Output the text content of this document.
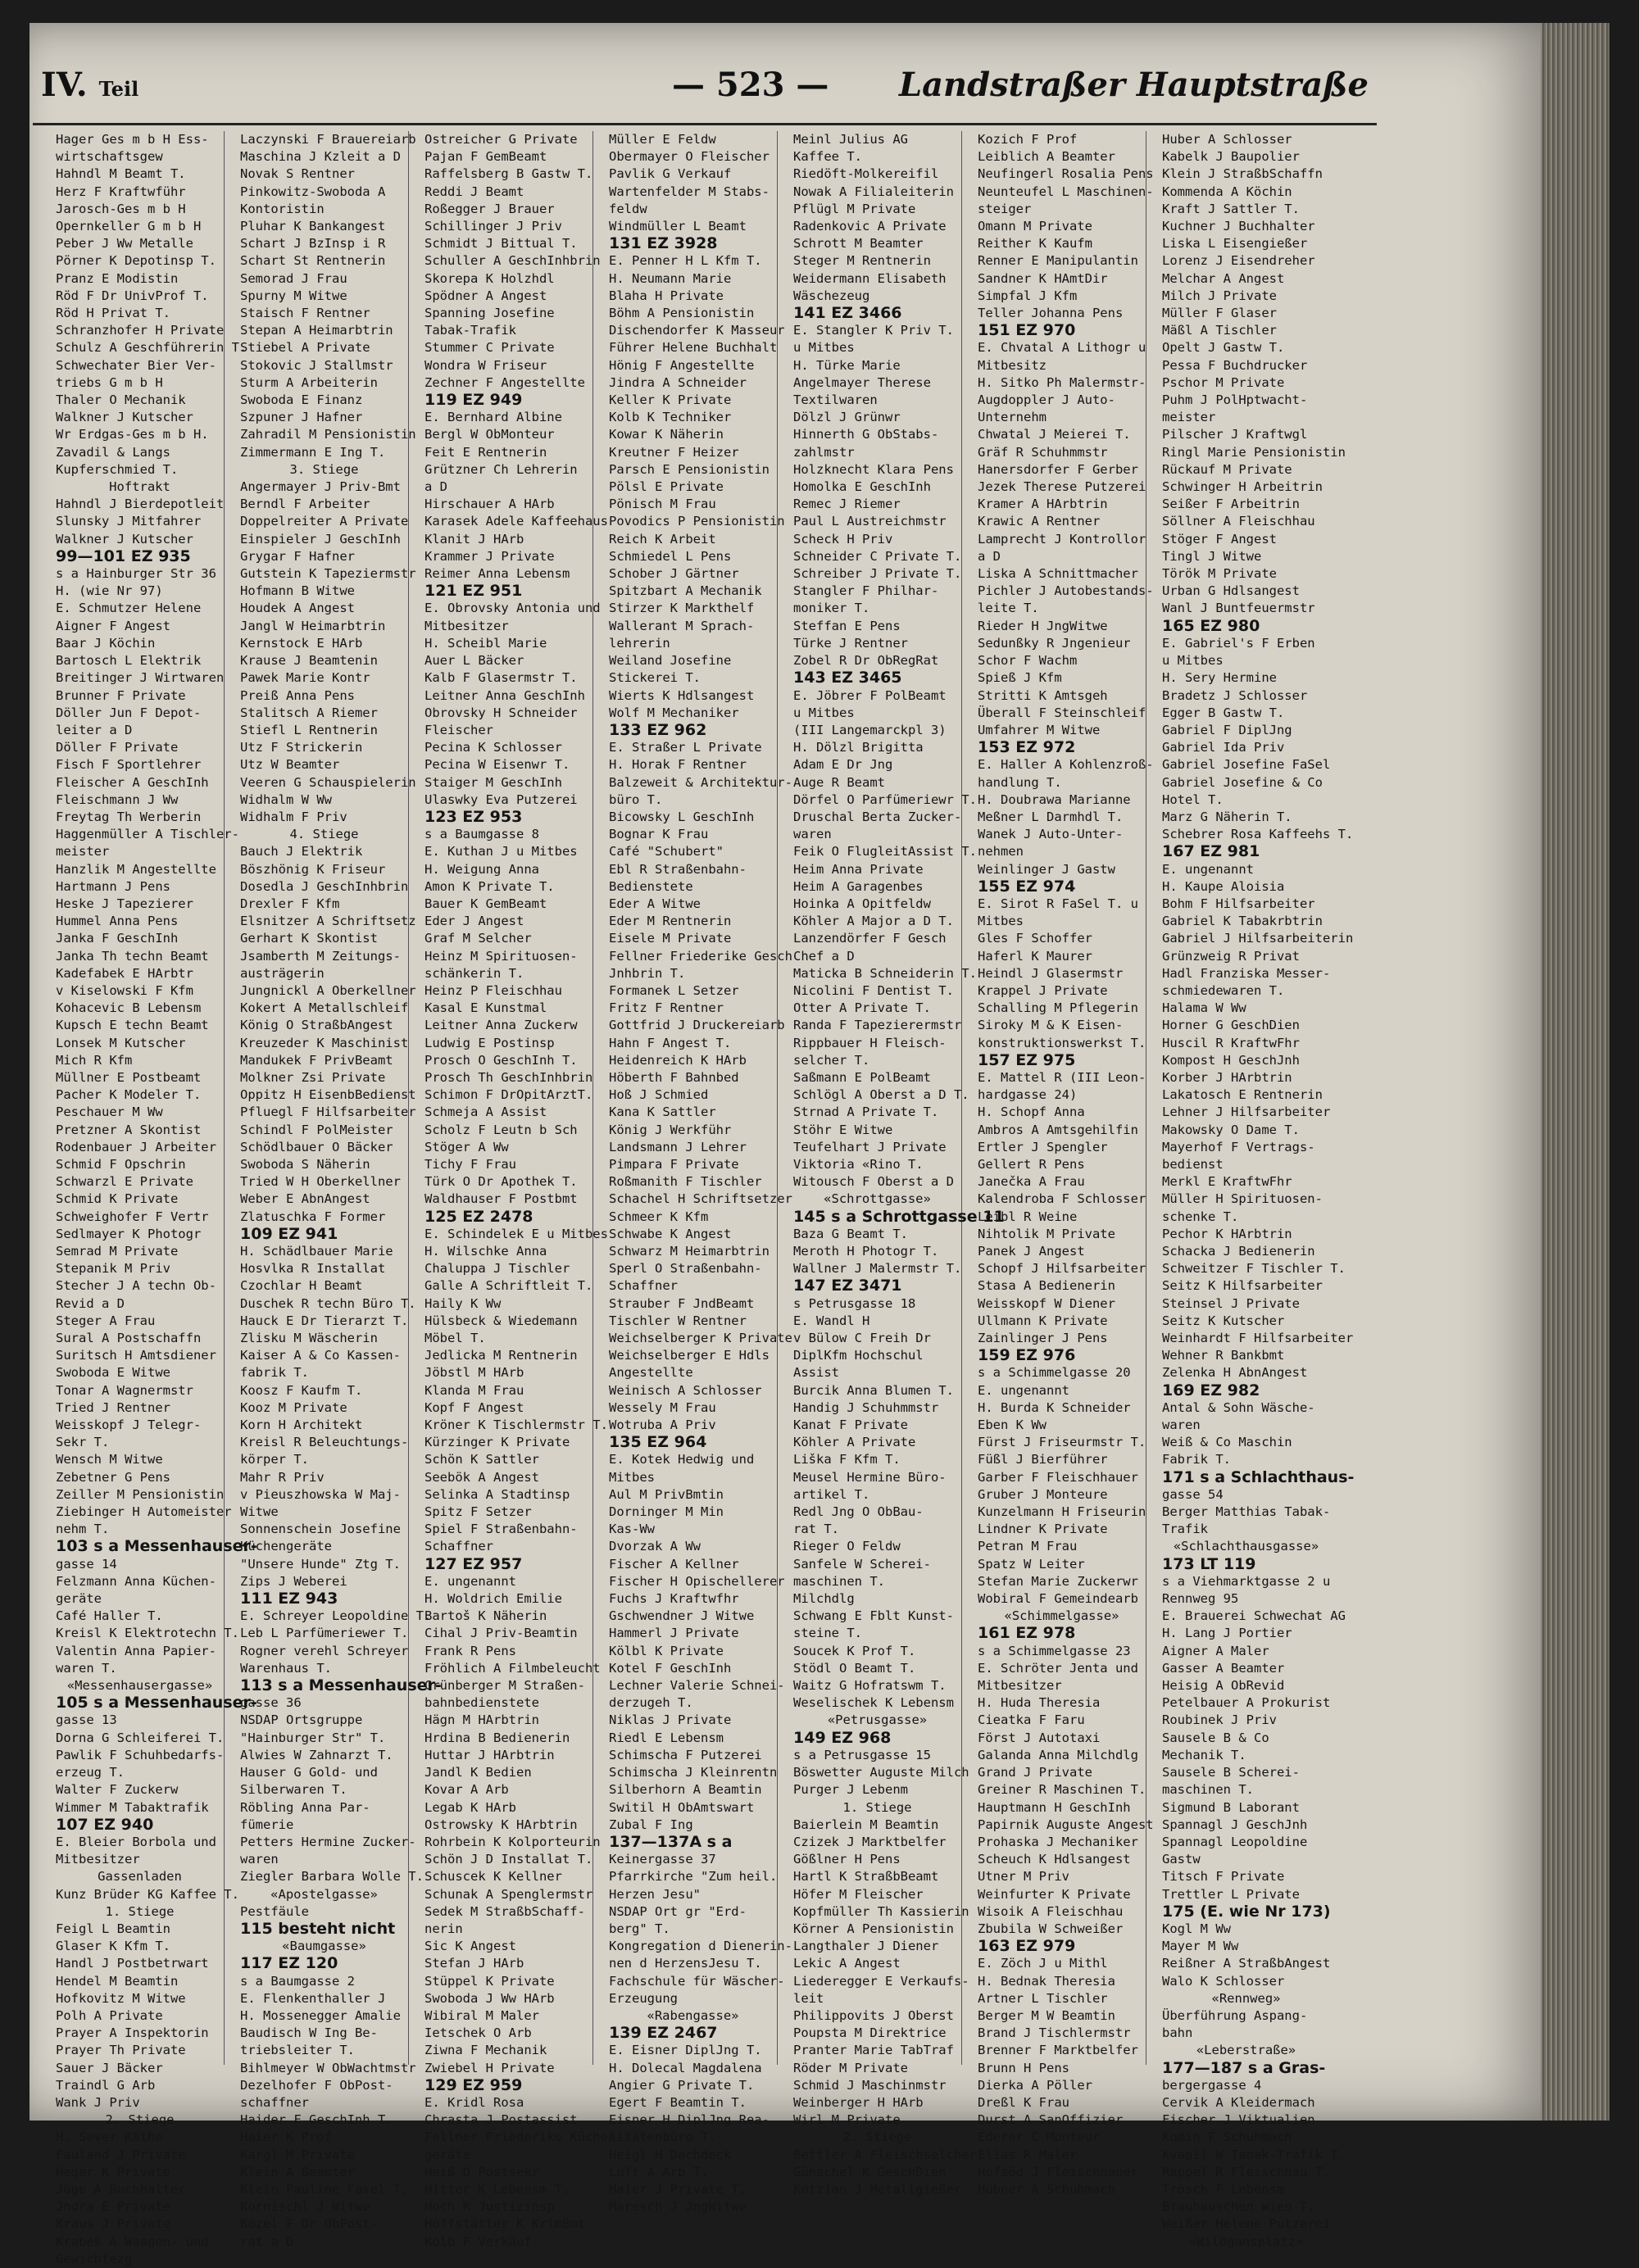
IV. Teil	— 523 — Landstraßer Hauptstraße
Hager Ges m b H Ess-
wirtschaftsgew
Hahndl M Beamt T.
Herz F Kraftwführ
Jarosch-Ges m b H
Opernkeller G m b H
Peber J Ww Metalle
Pörner K Depotinsp T.
Pranz E Modistin
Röd F Dr UnivProf T.
Röd H Privat T.
Schranzhofer H Private
Schulz A Geschführerin T.
Schwechater Bier Ver-
triebs G m b H
Thaler O Mechanik
Walkner J Kutscher
Wr Erdgas-Ges m b H.
Zavadil & Langs
Kupferschmied T.
Hoftrakt
Hahndl J Bierdepotleit
Slunsky J Mitfahrer
Walkner J Kutscher
99—101 EZ 935
s a Hainburger Str 36
H. (wie Nr 97)
E. Schmutzer Helene
Aigner F Angest
Baar J Köchin
Bartosch L Elektrik
Breitinger J Wirtwaren
Brunner F Private
Döller Jun F Depot-
leiter a D
Döller F Private
Fisch F Sportlehrer
Fleischer A GeschInh
Fleischmann J Ww
Freytag Th Werberin
Haggenmüller A Tischler-
meister
Hanzlik M Angestellte
Hartmann J Pens
Heske J Tapezierer
Hummel Anna Pens
Janka F GeschInh
Janka Th techn Beamt
Kadefabek E HArbtr
v Kiselowski F Kfm
Kohacevic B Lebensm
Kupsch E techn Beamt
Lonsek M Kutscher
Mich R Kfm
Müllner E Postbeamt
Pacher K Modeler T.
Peschauer M Ww
Pretzner A Skontist
Rodenbauer J Arbeiter
Schmid F Opschrin
Schwarzl E Private
Schmid K Private
Schweighofer F Vertr
Sedlmayer K Photogr
Semrad M Private
Stepanik M Priv
Stecher J A techn Ob-
Revid a D
Steger A Frau
Sural A Postschaffn
Suritsch H Amtsdiener
Swoboda E Witwe
Tonar A Wagnermstr
Tried J Rentner
Weisskopf J Telegr-
Sekr T.
Wensch M Witwe
Zebetner G Pens
Zeiller M Pensionistin
Ziebinger H Automeister
nehm T.
103 s a Messenhauser-
gasse 14
Felzmann Anna Küchen-
geräte
Café Haller T.
Kreisl K Elektrotechn T.
Valentin Anna Papier-
waren T.
«Messenhausergasse»
105 s a Messenhauser-
gasse 13
Dorna G Schleiferei T.
Pawlik F Schuhbedarfs-
erzeug T.
Walter F Zuckerw
Wimmer M Tabaktrafik
107 EZ 940
E. Bleier Borbola und
Mitbesitzer
Gassenladen
Kunz Brüder KG Kaffee T.
1. Stiege
Feigl L Beamtin
Glaser K Kfm T.
Handl J Postbetrwart
Hendel M Beamtin
Hofkovitz M Witwe
Polh A Private
Prayer A Inspektorin
Prayer Th Private
Sauer J Bäcker
Traindl G Arb
Wank J Priv
2. Stiege
H. Sever Käthe
Fauland J Private
Heger K Private
Jüge A Buchhalter
Jndra E Private
Kraus J Private
Krabek A Waagen- und
Gewichtezg
Laczynski F Brauereiarb
Maschina J Kzleit a D
Novak S Rentner
Pinkowitz-Swoboda A
Kontoristin
Pluhar K Bankangest
Schart J BzInsp i R
Schart St Rentnerin
Semorad J Frau
Spurny M Witwe
Staisch F Rentner
Stepan A Heimarbtrin
Stiebel A Private
Stokovic J Stallmstr
Sturm A Arbeiterin
Swoboda E Finanz
Szpuner J Hafner
Zahradil M Pensionistin
Zimmermann E Ing T.
3. Stiege
Angermayer J Priv-Bmt
Berndl F Arbeiter
Doppelreiter A Private
Einspieler J GeschInh
Grygar F Hafner
Gutstein K Tapeziermstr
Hofmann B Witwe
Houdek A Angest
Jangl W Heimarbtrin
Kernstock E HArb
Krause J Beamtenin
Pawek Marie Kontr
Preiß Anna Pens
Stalitsch A Riemer
Stiefl L Rentnerin
Utz F Strickerin
Utz W Beamter
Veeren G Schauspielerin
Widhalm W Ww
Widhalm F Priv
4. Stiege
Bauch J Elektrik
Böszhönig K Friseur
Dosedla J GeschInhbrin
Drexler F Kfm
Elsnitzer A Schriftsetz
Gerhart K Skontist
Jsamberth M Zeitungs-
austrägerin
Jungnickl A Oberkellner
Kokert A Metallschleif
König O StraßbAngest
Kreuzeder K Maschinist
Mandukek F PrivBeamt
Molkner Zsi Private
Oppitz H EisenbBedienst
Pfluegl F Hilfsarbeiter
Schindl F PolMeister
Schödlbauer O Bäcker
Swoboda S Näherin
Tried W H Oberkellner
Weber E AbnAngest
Zlatuschka F Former
109 EZ 941
H. Schädlbauer Marie
Hosvlka R Installat
Czochlar H Beamt
Duschek R techn Büro T.
Hauck E Dr Tierarzt T.
Zlisku M Wäscherin
Kaiser A & Co Kassen-
fabrik T.
Koosz F Kaufm T.
Kooz M Private
Korn H Architekt
Kreisl R Beleuchtungs-
körper T.
Mahr R Priv
v Pieuszhowska W Maj-
Witwe
Sonnenschein Josefine
Küchengeräte
"Unsere Hunde" Ztg T.
Zips J Weberei
111 EZ 943
E. Schreyer Leopoldine T.
Leb L Parfümeriewer T.
Rogner verehl Schreyer
Warenhaus T.
113 s a Messenhauser-
gasse 36
NSDAP Ortsgruppe
"Hainburger Str" T.
Alwies W Zahnarzt T.
Hauser G Gold- und
Silberwaren T.
Röbling Anna Par-
fümerie
Petters Hermine Zucker-
waren
Ziegler Barbara Wolle T.
«Apostelgasse»
Pestfäule
115 besteht nicht
«Baumgasse»
117 EZ 120
s a Baumgasse 2
E. Flenkenthaller J
H. Mossenegger Amalie
Baudisch W Ing Be-
triebsleiter T.
Bihlmeyer W ObWachtmstr
Dezelhofer F ObPost-
schaffner
Haider F GeschInh T.
Haier K Prof
Kargl M Private
Klein A Beamter
Klein Pauline Fasel T.
Kornischl J Witwe
Kozel F Dr ObPost-
rat a D
Ostreicher G Private
Pajan F GemBeamt
Raffelsberg B Gastw T.
Reddi J Beamt
Roßegger J Brauer
Schillinger J Priv
Schmidt J Bittual T.
Schuller A GeschInhbrin
Skorepa K Holzhdl
Spödner A Angest
Spanning Josefine
Tabak-Trafik
Stummer C Private
Wondra W Friseur
Zechner F Angestellte
119 EZ 949
E. Bernhard Albine
Bergl W ObMonteur
Feit E Rentnerin
Grützner Ch Lehrerin
a D
Hirschauer A HArb
Karasek Adele Kaffeehaus
Klanit J HArb
Krammer J Private
Reimer Anna Lebensm
121 EZ 951
E. Obrovsky Antonia und
Mitbesitzer
H. Scheibl Marie
Auer L Bäcker
Kalb F Glasermstr T.
Leitner Anna GeschInh
Obrovsky H Schneider
Fleischer
Pecina K Schlosser
Pecina W Eisenwr T.
Staiger M GeschInh
Ulaswky Eva Putzerei
123 EZ 953
s a Baumgasse 8
E. Kuthan J u Mitbes
H. Weigung Anna
Amon K Private T.
Bauer K GemBeamt
Eder J Angest
Graf M Selcher
Heinz M Spirituosen-
schänkerin T.
Heinz P Fleischhau
Kasal E Kunstmal
Leitner Anna Zuckerw
Ludwig E Postinsp
Prosch O GeschInh T.
Prosch Th GeschInhbrin
Schimon F DrOpitArztT.
Schmeja A Assist
Scholz F Leutn b Sch
Stöger A Ww
Tichy F Frau
Türk O Dr Apothek T.
Waldhauser F Postbmt
125 EZ 2478
E. Schindelek E u Mitbes
H. Wilschke Anna
Chaluppa J Tischler
Galle A Schriftleit T.
Haily K Ww
Hülsbeck & Wiedemann
Möbel T.
Jedlicka M Rentnerin
Jöbstl M HArb
Klanda M Frau
Kopf F Angest
Kröner K Tischlermstr T.
Kürzinger K Private
Schön K Sattler
Seebök A Angest
Selinka A Stadtinsp
Spitz F Setzer
Spiel F Straßenbahn-
Schaffner
127 EZ 957
E. ungenannt
H. Woldrich Emilie
Bartoš K Näherin
Cihal J Priv-Beamtin
Frank R Pens
Fröhlich A Filmbeleucht
Grünberger M Straßen-
bahnbedienstete
Hägn M HArbtrin
Hrdina B Bedienerin
Huttar J HArbtrin
Jandl K Bedien
Kovar A Arb
Legab K HArb
Ostrowsky K HArbtrin
Rohrbein K Kolporteurin
Schön J D Installat T.
Schuscek K Kellner
Schunak A Spenglermstr
Sedek M StraßbSchaff-
nerin
Sic K Angest
Stefan J HArb
Stüppel K Private
Swoboda J Ww HArb
Wibiral M Maler
Ietschek O Arb
Ziwna F Mechanik
Zwiebel H Private
129 EZ 959
E. Kridl Rosa
Chrasta J Postassist
Fellner Friederike Küchen-
geräte
Heiß O Postsekr
Hitter K Lebensm T.
Hoch K Justizinsp
Hoffstätter K KrimBmt
Kolb F Verkäuf
Müller E Feldw
Obermayer O Fleischer
Pavlik G Verkauf
Wartenfelder M Stabs-
feldw
Windmüller L Beamt
131 EZ 3928
E. Penner H L Kfm T.
H. Neumann Marie
Blaha H Private
Böhm A Pensionistin
Dischendorfer K Masseur
Führer Helene Buchhalt
Hönig F Angestellte
Jindra A Schneider
Keller K Private
Kolb K Techniker
Kowar K Näherin
Kreutner F Heizer
Parsch E Pensionistin
Pölsl E Private
Pönisch M Frau
Povodics P Pensionistin
Reich K Arbeit
Schmiedel L Pens
Schober J Gärtner
Spitzbart A Mechanik
Stirzer K Markthelf
Wallerant M Sprach-
lehrerin
Weiland Josefine
Stickerei T.
Wierts K Hdlsangest
Wolf M Mechaniker
133 EZ 962
E. Straßer L Private
H. Horak F Rentner
Balzeweit & Architektur-
büro T.
Bicowsky L GeschInh
Bognar K Frau
Café "Schubert"
Ebl R Straßenbahn-
Bedienstete
Eder A Witwe
Eder M Rentnerin
Eisele M Private
Fellner Friederike Gesch
Jnhbrin T.
Formanek L Setzer
Fritz F Rentner
Gottfrid J Druckereiarb
Hahn F Angest T.
Heidenreich K HArb
Höberth F Bahnbed
Hoß J Schmied
Kana K Sattler
König J Werkführ
Landsmann J Lehrer
Pimpara F Private
Roßmanith F Tischler
Schachel H Schriftsetzer
Schmeer K Kfm
Schwabe K Angest
Schwarz M Heimarbtrin
Sperl O Straßenbahn-
Schaffner
Strauber F JndBeamt
Tischler W Rentner
Weichselberger K Private
Weichselberger E Hdls
Angestellte
Weinisch A Schlosser
Wessely M Frau
Wotruba A Priv
135 EZ 964
E. Kotek Hedwig und
Mitbes
Aul M PrivBmtin
Dorninger M Min
Kas-Ww
Dvorzak A Ww
Fischer A Kellner
Fischer H Opischellerer
Fuchs J Kraftwfhr
Gschwendner J Witwe
Hammerl J Private
Kölbl K Private
Kotel F GeschInh
Lechner Valerie Schnei-
derzugeh T.
Niklas J Private
Riedl E Lebensm
Schimscha F Putzerei
Schimscha J Kleinrentn
Silberhorn A Beamtin
Switil H ObAmtswart
Zubal F Ing
137—137A s a
Keinergasse 37
Pfarrkirche "Zum heil.
Herzen Jesu"
NSDAP Ort gr "Erd-
berg" T.
Kongregation d Dienerin-
nen d HerzensJesu T.
Fachschule für Wäscher-
Erzeugung
«Rabengasse»
139 EZ 2467
E. Eisner DiplJng T.
H. Dolecal Magdalena
Angier G Private T.
Egert F Beamtin T.
Eisner H DiplJng Rea-
litätenbüro T.
Heigl H Dachdeck
Luft A Arb T.
Maier J Private T.
Maresch J JngWitwe
Meinl Julius AG
Kaffee T.
Riedöft-Molkereifil
Nowak A Filialeiterin
Pflügl M Private
Radenkovic A Private
Schrott M Beamter
Steger M Rentnerin
Weidermann Elisabeth
Wäschezeug
141 EZ 3466
E. Stangler K Priv T.
u Mitbes
H. Türke Marie
Angelmayer Therese
Textilwaren
Dölzl J Grünwr
Hinnerth G ObStabs-
zahlmstr
Holzknecht Klara Pens
Homolka E GeschInh
Remec J Riemer
Paul L Austreichmstr
Scheck H Priv
Schneider C Private T.
Schreiber J Private T.
Stangler F Philhar-
moniker T.
Steffan E Pens
Türke J Rentner
Zobel R Dr ObRegRat
143 EZ 3465
E. Jöbrer F PolBeamt
u Mitbes
(III Langemarckpl 3)
H. Dölzl Brigitta
Adam E Dr Jng
Auge R Beamt
Dörfel O Parfümeriewr T.
Druschal Berta Zucker-
waren
Feik O FlugleitAssist T.
Heim Anna Private
Heim A Garagenbes
Hoinka A Opitfeldw
Köhler A Major a D T.
Lanzendörfer F Gesch
Chef a D
Maticka B Schneiderin T.
Nicolini F Dentist T.
Otter A Private T.
Randa F Tapezierermstr
Rippbauer H Fleisch-
selcher T.
Saßmann E PolBeamt
Schlögl A Oberst a D T.
Strnad A Private T.
Stöhr E Witwe
Teufelhart J Private
Viktoria «Rino T.
Witousch F Oberst a D
«Schrottgasse»
145 s a Schrottgasse 11
Baza G Beamt T.
Meroth H Photogr T.
Wallner J Malermstr T.
147 EZ 3471
s Petrusgasse 18
E. Wandl H
v Bülow C Freih Dr
DiplKfm Hochschul
Assist
Burcik Anna Blumen T.
Handig J Schuhmmstr
Kanat F Private
Köhler A Private
Liška F Kfm T.
Meusel Hermine Büro-
artikel T.
Redl Jng O ObBau-
rat T.
Rieger O Feldw
Sanfele W Scherei-
maschinen T.
Milchdlg
Schwang E Fblt Kunst-
steine T.
Soucek K Prof T.
Stödl O Beamt T.
Waitz G Hofratswm T.
Weselischek K Lebensm
«Petrusgasse»
149 EZ 968
s a Petrusgasse 15
Böswetter Auguste Milch
Purger J Lebenm
1. Stiege
Baierlein M Beamtin
Czizek J Marktbelfer
Gößlner H Pens
Hartl K StraßbBeamt
Höfer M Fleischer
Kopfmüller Th Kassierin
Körner A Pensionistin
Langthaler J Diener
Lekic A Angest
Liederegger E Verkaufs-
leit
Philippovits J Oberst
Poupsta M Direktrice
Pranter Marie TabTraf
Röder M Private
Schmid J Maschinmstr
Weinberger H HArb
Wirl M Private
2. Stiege
Bettler A Fleischselcher
Günschel K GeschDien
Kotzian J Metallgießer
Kozich F Prof
Leiblich A Beamter
Neufingerl Rosalia Pens
Neunteufel L Maschinen-
steiger
Omann M Private
Reither K Kaufm
Renner E Manipulantin
Sandner K HAmtDir
Simpfal J Kfm
Teller Johanna Pens
151 EZ 970
E. Chvatal A Lithogr u
Mitbesitz
H. Sitko Ph Malermstr-
Augdoppler J Auto-
Unternehm
Chwatal J Meierei T.
Gräf R Schuhmmstr
Hanersdorfer F Gerber
Jezek Therese Putzerei
Kramer A HArbtrin
Krawic A Rentner
Lamprecht J Kontrollor
a D
Liska A Schnittmacher
Pichler J Autobestands-
leite T.
Rieder H JngWitwe
Sedunßky R Jngenieur
Schor F Wachm
Spieß J Kfm
Stritti K Amtsgeh
Überall F Steinschleif
Umfahrer M Witwe
153 EZ 972
E. Haller A Kohlenzroß-
handlung T.
H. Doubrawa Marianne
Meßner L Darmhdl T.
Wanek J Auto-Unter-
nehmen
Weinlinger J Gastw
155 EZ 974
E. Sirot R FaSel T. u
Mitbes
Gles F Schoffer
Haferl K Maurer
Heindl J Glasermstr
Krappel J Private
Schalling M Pflegerin
Siroky M & K Eisen-
konstruktionswerkst T.
157 EZ 975
E. Mattel R (III Leon-
hardgasse 24)
H. Schopf Anna
Ambros A Amtsgehilfin
Ertler J Spengler
Gellert R Pens
Janečka A Frau
Kalendroba F Schlosser
Leibl R Weine
Nihtolik M Private
Panek J Angest
Schopf J Hilfsarbeiter
Stasa A Bedienerin
Weisskopf W Diener
Ullmann K Private
Zainlinger J Pens
159 EZ 976
s a Schimmelgasse 20
E. ungenannt
H. Burda K Schneider
Eben K Ww
Fürst J Friseurmstr T.
Füßl J Bierführer
Garber F Fleischhauer
Gruber J Monteure
Kunzelmann H Friseurin
Lindner K Private
Petran M Frau
Spatz W Leiter
Stefan Marie Zuckerwr
Wobiral F Gemeindearb
«Schimmelgasse»
161 EZ 978
s a Schimmelgasse 23
E. Schröter Jenta und
Mitbesitzer
H. Huda Theresia
Cieatka F Faru
Först J Autotaxi
Galanda Anna Milchdlg
Grand J Private
Greiner R Maschinen T.
Hauptmann H GeschInh
Papirnik Auguste Angest
Prohaska J Mechaniker
Scheuch K Hdlsangest
Utner M Priv
Weinfurter K Private
Wisoik A Fleischhau
Zbubila W Schweißer
163 EZ 979
E. Zöch J u Mithl
H. Bednak Theresia
Artner L Tischler
Berger M W Beamtin
Brand J Tischlermstr
Brenner F Marktbelfer
Brunn H Pens
Dierka A Pöller
Dreßl K Frau
Durst A SanOffizier
Ederer C Monteur
Elias R Maler
Hofsöd J Fleischhauer
Hübner A Schuhmach
Huber A Schlosser
Kabelk J Baupolier
Klein J StraßbSchaffn
Kommenda A Köchin
Kraft J Sattler T.
Kuchner J Buchhalter
Liska L Eisengießer
Lorenz J Eisendreher
Melchar A Angest
Milch J Private
Müller F Glaser
Mäßl A Tischler
Opelt J Gastw T.
Pessa F Buchdrucker
Pschor M Private
Puhm J PolHptwacht-
meister
Pilscher J Kraftwgl
Ringl Marie Pensionistin
Rückauf M Private
Schwinger H Arbeitrin
Seißer F Arbeitrin
Söllner A Fleischhau
Stöger F Angest
Tingl J Witwe
Török M Private
Urban G Hdlsangest
Wanl J Buntfeuermstr
165 EZ 980
E. Gabriel's F Erben
u Mitbes
H. Sery Hermine
Bradetz J Schlosser
Egger B Gastw T.
Gabriel F DiplJng
Gabriel Ida Priv
Gabriel Josefine FaSel
Gabriel Josefine & Co
Hotel T.
Marz G Näherin T.
Schebrer Rosa Kaffeehs T.
167 EZ 981
E. ungenannt
H. Kaupe Aloisia
Bohm F Hilfsarbeiter
Gabriel K Tabakrbtrin
Gabriel J Hilfsarbeiterin
Grünzweig R Privat
Hadl Franziska Messer-
schmiedewaren T.
Halama W Ww
Horner G GeschDien
Huscil R KraftwFhr
Kompost H GeschJnh
Korber J HArbtrin
Lakatosch E Rentnerin
Lehner J Hilfsarbeiter
Makowsky O Dame T.
Mayerhof F Vertrags-
bedienst
Merkl E KraftwFhr
Müller H Spirituosen-
schenke T.
Pechor K HArbtrin
Schacka J Bedienerin
Schweitzer F Tischler T.
Seitz K Hilfsarbeiter
Steinsel J Private
Seitz K Kutscher
Weinhardt F Hilfsarbeiter
Wehner R Bankbmt
Zelenka H AbnAngest
169 EZ 982
Antal & Sohn Wäsche-
waren
Weiß & Co Maschin
Fabrik T.
171 s a Schlachthaus-
gasse 54
Berger Matthias Tabak-
Trafik
«Schlachthausgasse»
173 LT 119
s a Viehmarktgasse 2 u
Rennweg 95
E. Brauerei Schwechat AG
H. Lang J Portier
Aigner A Maler
Gasser A Beamter
Heisig A ObRevid
Petelbauer A Prokurist
Roubinek J Priv
Sausele B & Co
Mechanik T.
Sausele B Scherei-
maschinen T.
Sigmund B Laborant
Spannagl J GeschJnh
Spannagl Leopoldine
Gastw
Titsch F Private
Trettler L Private
175 (E. wie Nr 173)
Kogl M Ww
Mayer M Ww
Reißner A StraßbAngest
Walo K Schlosser
«Rennweg»
Überführung Aspang-
bahn
«Leberstraße»
177—187 s a Gras-
bergergasse 4
Cervik A Kleidermach
Fischer J Viktualien
Komin F Schuhmach
Kvapil W Tabak-Trafik T.
Rappel R Fleischhau T.
Trösch F Lebensm
Brauhauschen Wien T.
Weißer Helene Putzerei
«Wildgansplatz»
